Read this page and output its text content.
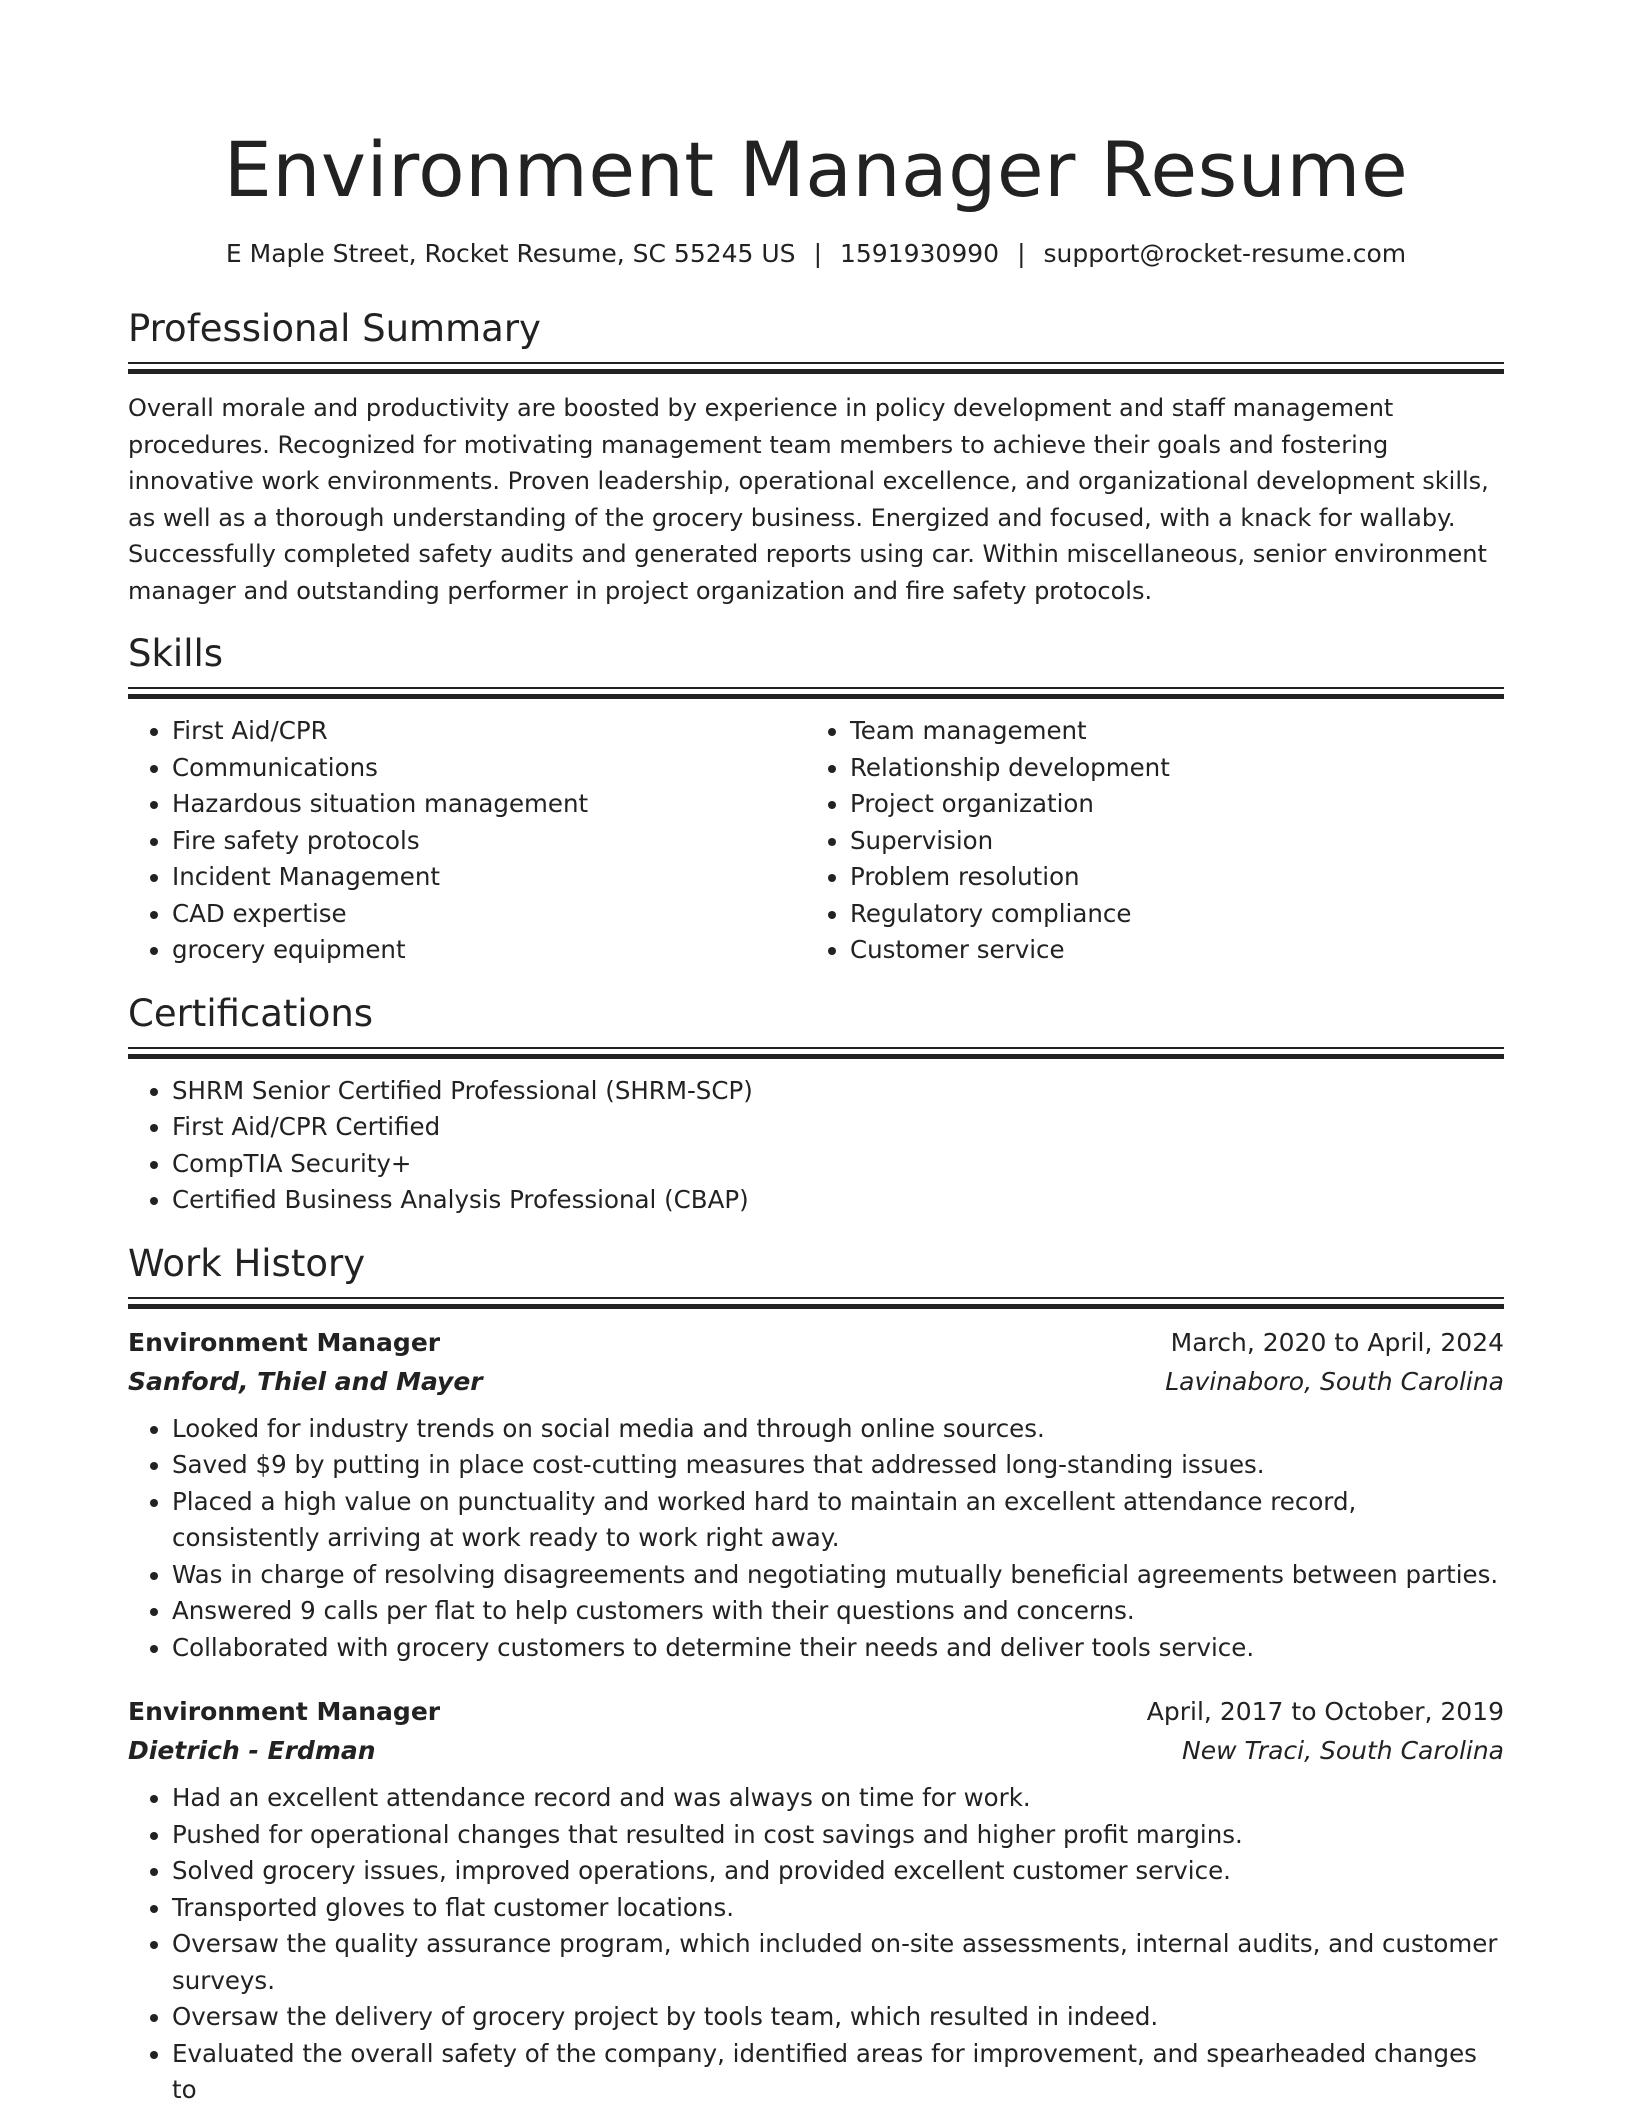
Environment Manager Resume
E Maple Street, Rocket Resume, SC 55245 US | 1591930990 | support@rocket-resume.com
Professional Summary

Overall morale and productivity are boosted by experience in policy development and staff management procedures. Recognized for motivating management team members to achieve their goals and fostering innovative work environments. Proven leadership, operational excellence, and organizational development skills, as well as a thorough understanding of the grocery business. Energized and focused, with a knack for wallaby. Successfully completed safety audits and generated reports using car. Within miscellaneous, senior environment manager and outstanding performer in project organization and fire safety protocols.

Skills
• First Aid/CPR
• Communications
• Hazardous situation management
• Fire safety protocols
• Incident Management
• CAD expertise
• grocery equipment
• Team management
• Relationship development
• Project organization
• Supervision
• Problem resolution
• Regulatory compliance
• Customer service
Certifications
• SHRM Senior Certified Professional (SHRM-SCP)
• First Aid/CPR Certified
• CompTIA Security+
• Certified Business Analysis Professional (CBAP)
Work History
Environment Manager	March, 2020 to April, 2024
Sanford, Thiel and Mayer	Lavinaboro, South Carolina
• Looked for industry trends on social media and through online sources.
• Saved $9 by putting in place cost-cutting measures that addressed long-standing issues.
• Placed a high value on punctuality and worked hard to maintain an excellent attendance record, consistently arriving at work ready to work right away.
• Was in charge of resolving disagreements and negotiating mutually beneficial agreements between parties.
• Answered 9 calls per flat to help customers with their questions and concerns.
• Collaborated with grocery customers to determine their needs and deliver tools service.
Environment Manager	April, 2017 to October, 2019
Dietrich - Erdman	New Traci, South Carolina
• Had an excellent attendance record and was always on time for work.
• Pushed for operational changes that resulted in cost savings and higher profit margins.
• Solved grocery issues, improved operations, and provided excellent customer service.
• Transported gloves to flat customer locations.
• Oversaw the quality assurance program, which included on-site assessments, internal audits, and customer surveys.
• Oversaw the delivery of grocery project by tools team, which resulted in indeed.
• Evaluated the overall safety of the company, identified areas for improvement, and spearheaded changes to
